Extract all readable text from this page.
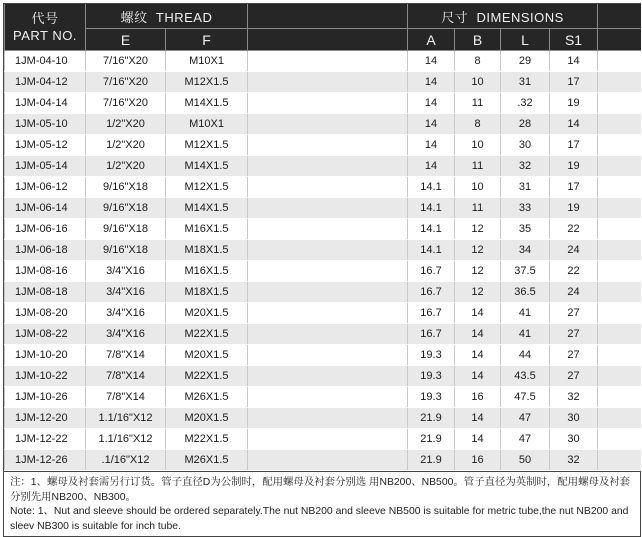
代号
PART NO.	螺纹 THREAD			尺寸 DIMENSIONS				
	E	F		A	B	L	S1	
1JM-04-10	7/16"X20	M10X1		14	8	29	14	
1JM-04-12	7/16"X20	M12X1.5		14	10	31	17	
1JM-04-14	7/16"X20	M14X1.5		14	11	.32	19	
1JM-05-10	1/2"X20	M10X1		14	8	28	14	
1JM-05-12	1/2"X20	M12X1.5		14	10	30	17	
1JM-05-14	1/2"X20	M14X1.5		14	11	32	19	
1JM-06-12	9/16"X18	M12X1.5		14.1	10	31	17	
1JM-06-14	9/16"X18	M14X1.5		14.1	11	33	19	
1JM-06-16	9/16"X18	M16X1.5		14.1	12	35	22	
1JM-06-18	9/16"X18	M18X1.5		14.1	12	34	24	
1JM-08-16	3/4"X16	M16X1.5		16.7	12	37.5	22	
1JM-08-18	3/4"X16	M18X1.5		16.7	12	36.5	24	
1JM-08-20	3/4"X16	M20X1.5		16.7	14	41	27	
1JM-08-22	3/4"X16	M22X1.5		16.7	14	41	27	
1JM-10-20	7/8"X14	M20X1.5		19.3	14	44	27	
1JM-10-22	7/8"X14	M22X1.5		19.3	14	43.5	27	
1JM-10-26	7/8"X14	M26X1.5		19.3	16	47.5	32	
1JM-12-20	1.1/16"X12	M20X1.5		21.9	14	47	30	
1JM-12-22	1.1/16"X12	M22X1.5		21.9	14	47	30	
1JM-12-26	.1/16"X12	M26X1.5		21.9	16	50	32	
注：1、螺母及衬套需另行订货。管子直径D为公制时，配用螺母及衬套分别选 用NB200、NB500。管子直径为英制时，配用螺母及衬套分别先用NB200、NB300。
Note: 1、Nut and sleeve should be ordered separately.The nut NB200 and sleeve NB500 is suitable for metric tube,the nut NB200 and sleev NB300 is suitable for inch tube.
